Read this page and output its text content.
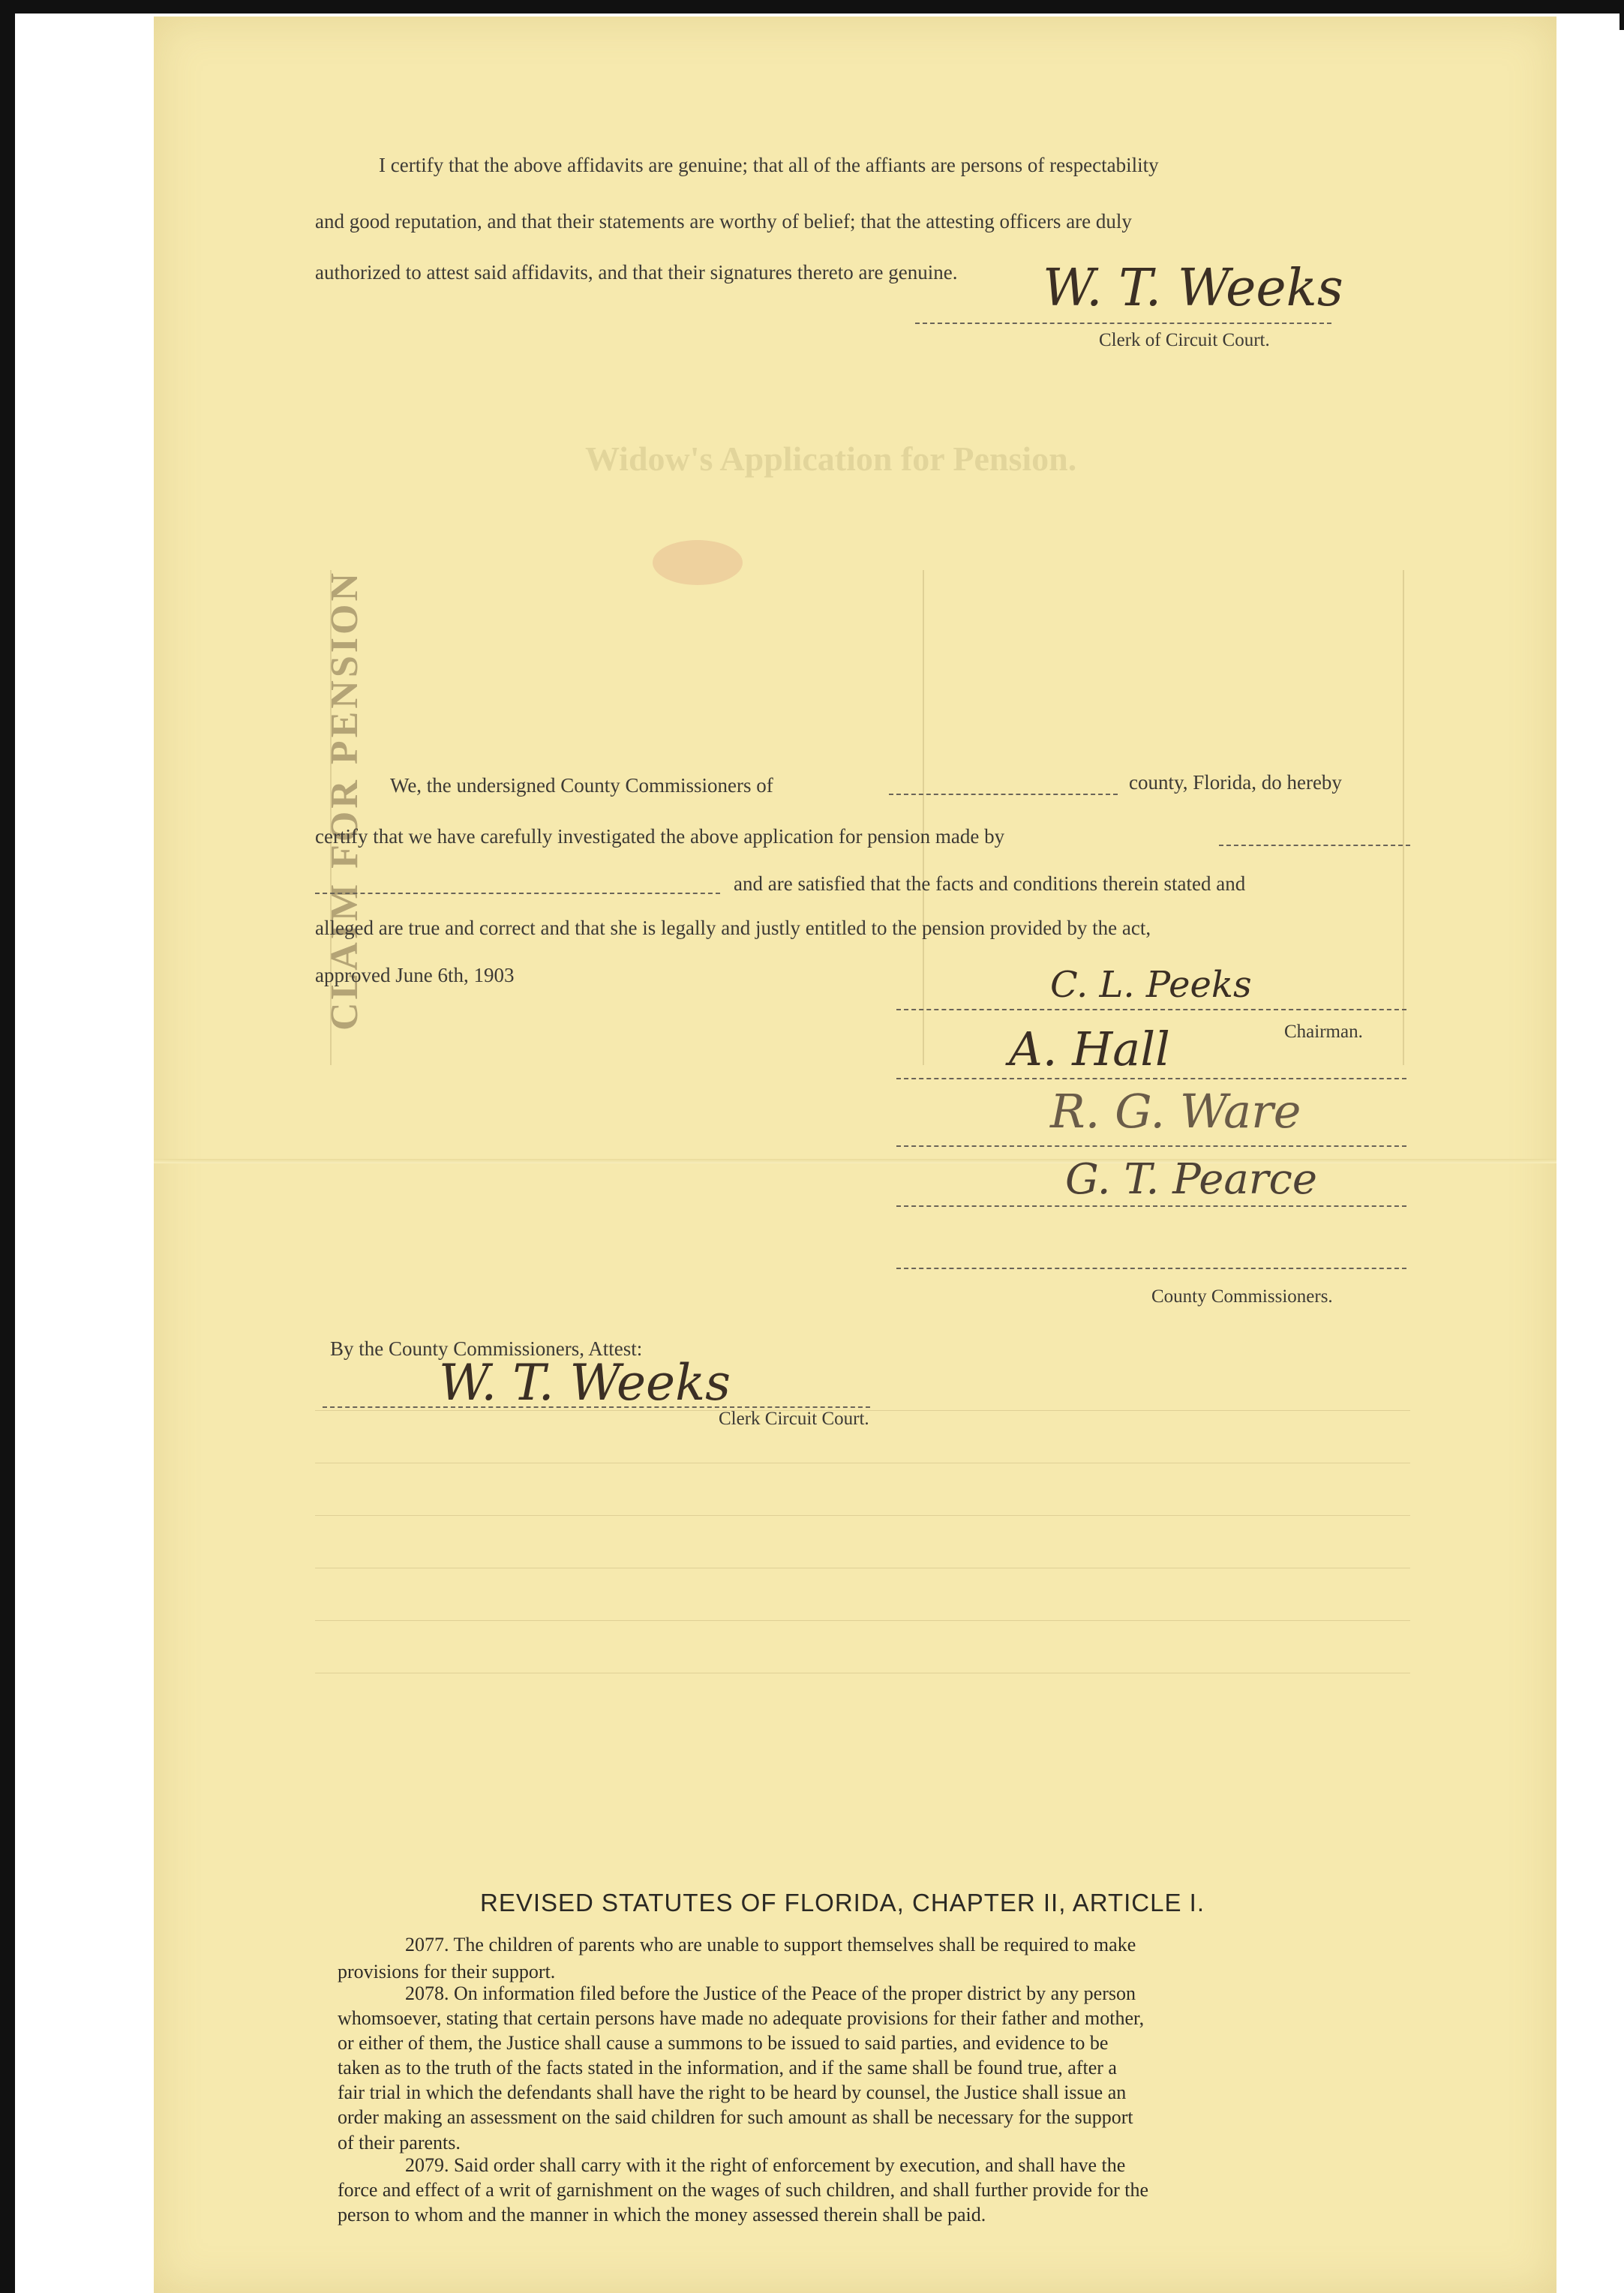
Widow's Application for Pension.
CLAIM FOR PENSION
I certify that the above affidavits are genuine; that all of the affiants are persons of respectability
and good reputation, and that their statements are worthy of belief; that the attesting officers are duly
authorized to attest said affidavits, and that their signatures thereto are genuine. W. T. Weeks
Clerk of Circuit Court.
We, the undersigned County Commissioners of	county, Florida, do hereby
certify that we have carefully investigated the above application for pension made by
and are satisfied that the facts and conditions therein stated and
alleged are true and correct and that she is legally and justly entitled to the pension provided by the act,
approved June 6th, 1903	C. L. Peeks
Chairman.
A. Hall
R. G. Ware
G. T. Pearce
County Commissioners.
By the County Commissioners, Attest:
W. T. Weeks
Clerk Circuit Court.
REVISED STATUTES OF FLORIDA, CHAPTER II, ARTICLE I.
2077. The children of parents who are unable to support themselves shall be required to make
provisions for their support.
2078. On information filed before the Justice of the Peace of the proper district by any person
whomsoever, stating that certain persons have made no adequate provisions for their father and mother,
or either of them, the Justice shall cause a summons to be issued to said parties, and evidence to be
taken as to the truth of the facts stated in the information, and if the same shall be found true, after a
fair trial in which the defendants shall have the right to be heard by counsel, the Justice shall issue an
order making an assessment on the said children for such amount as shall be necessary for the support
of their parents.
2079. Said order shall carry with it the right of enforcement by execution, and shall have the
force and effect of a writ of garnishment on the wages of such children, and shall further provide for the
person to whom and the manner in which the money assessed therein shall be paid.
